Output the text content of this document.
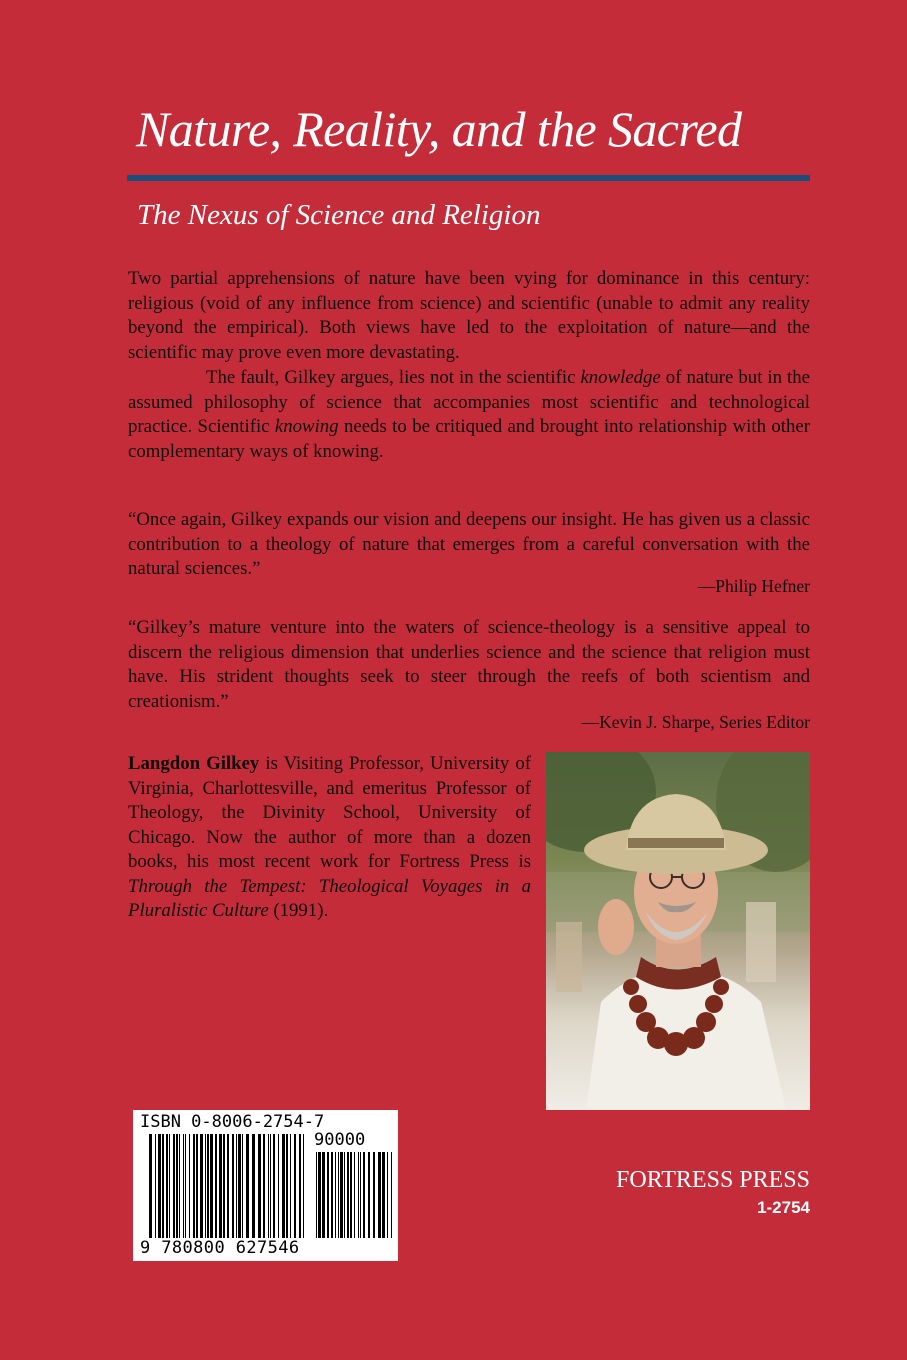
Nature, Reality, and the Sacred
The Nexus of Science and Religion

Two partial apprehensions of nature have been vying for dominance in this century: religious (void of any influence from science) and scientific (unable to admit any reality beyond the empirical). Both views have led to the exploitation of nature—and the scientific may prove even more devastating.

The fault, Gilkey argues, lies not in the scientific knowledge of nature but in the assumed philosophy of science that accompanies most scientific and technological practice. Scientific knowing needs to be critiqued and brought into relationship with other complementary ways of knowing.

“Once again, Gilkey expands our vision and deepens our insight. He has given us a classic contribution to a theology of nature that emerges from a careful conversation with the natural sciences.”

—Philip Hefner

“Gilkey’s mature venture into the waters of science-theology is a sensitive appeal to discern the religious dimension that underlies science and the science that religion must have. His strident thoughts seek to steer through the reefs of both scientism and creationism.”

—Kevin J. Sharpe, Series Editor

Langdon Gilkey is Visiting Professor, University of Virginia, Charlottesville, and emeritus Professor of Theology, the Divinity School, University of Chicago. Now the author of more than a dozen books, his most recent work for Fortress Press is Through the Tempest: Theological Voyages in a Pluralistic Culture (1991).

ISBN 0-8006-2754-7
90000
9 780800 627546
FORTRESS PRESS
1-2754
